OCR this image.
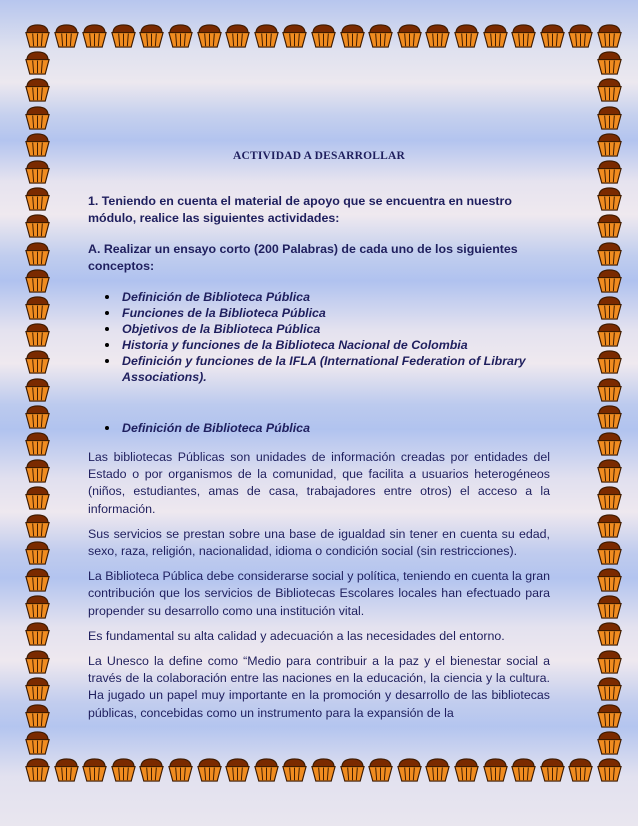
ACTIVIDAD A DESARROLLAR

1. Teniendo en cuenta el material de apoyo que se encuentra en nuestro módulo, realice las siguientes actividades:

A. Realizar un ensayo corto (200 Palabras) de cada uno de los siguientes conceptos:

Definición de Biblioteca Pública
Funciones de la Biblioteca Pública
Objetivos de la Biblioteca Pública
Historia y funciones de la Biblioteca Nacional de Colombia
Definición y funciones de la IFLA (International Federation of Library Associations).
Definición de Biblioteca Pública

Las bibliotecas Públicas son unidades de información creadas por entidades del Estado o por organismos de la comunidad, que facilita a usuarios heterogéneos (niños, estudiantes, amas de casa, trabajadores entre otros) el acceso a la información.

Sus servicios se prestan sobre una base de igualdad sin tener en cuenta su edad, sexo, raza, religión, nacionalidad, idioma o condición social (sin restricciones).

La Biblioteca Pública debe considerarse social y política, teniendo en cuenta la gran contribución que los servicios de Bibliotecas Escolares locales han efectuado para propender su desarrollo como una institución vital.

Es fundamental su alta calidad y adecuación a las necesidades del entorno.

La Unesco la define como “Medio para contribuir a la paz y el bienestar social a través de la colaboración entre las naciones en la educación, la ciencia y la cultura. Ha jugado un papel muy importante en la promoción y desarrollo de las bibliotecas públicas, concebidas como un instrumento para la expansión de la
